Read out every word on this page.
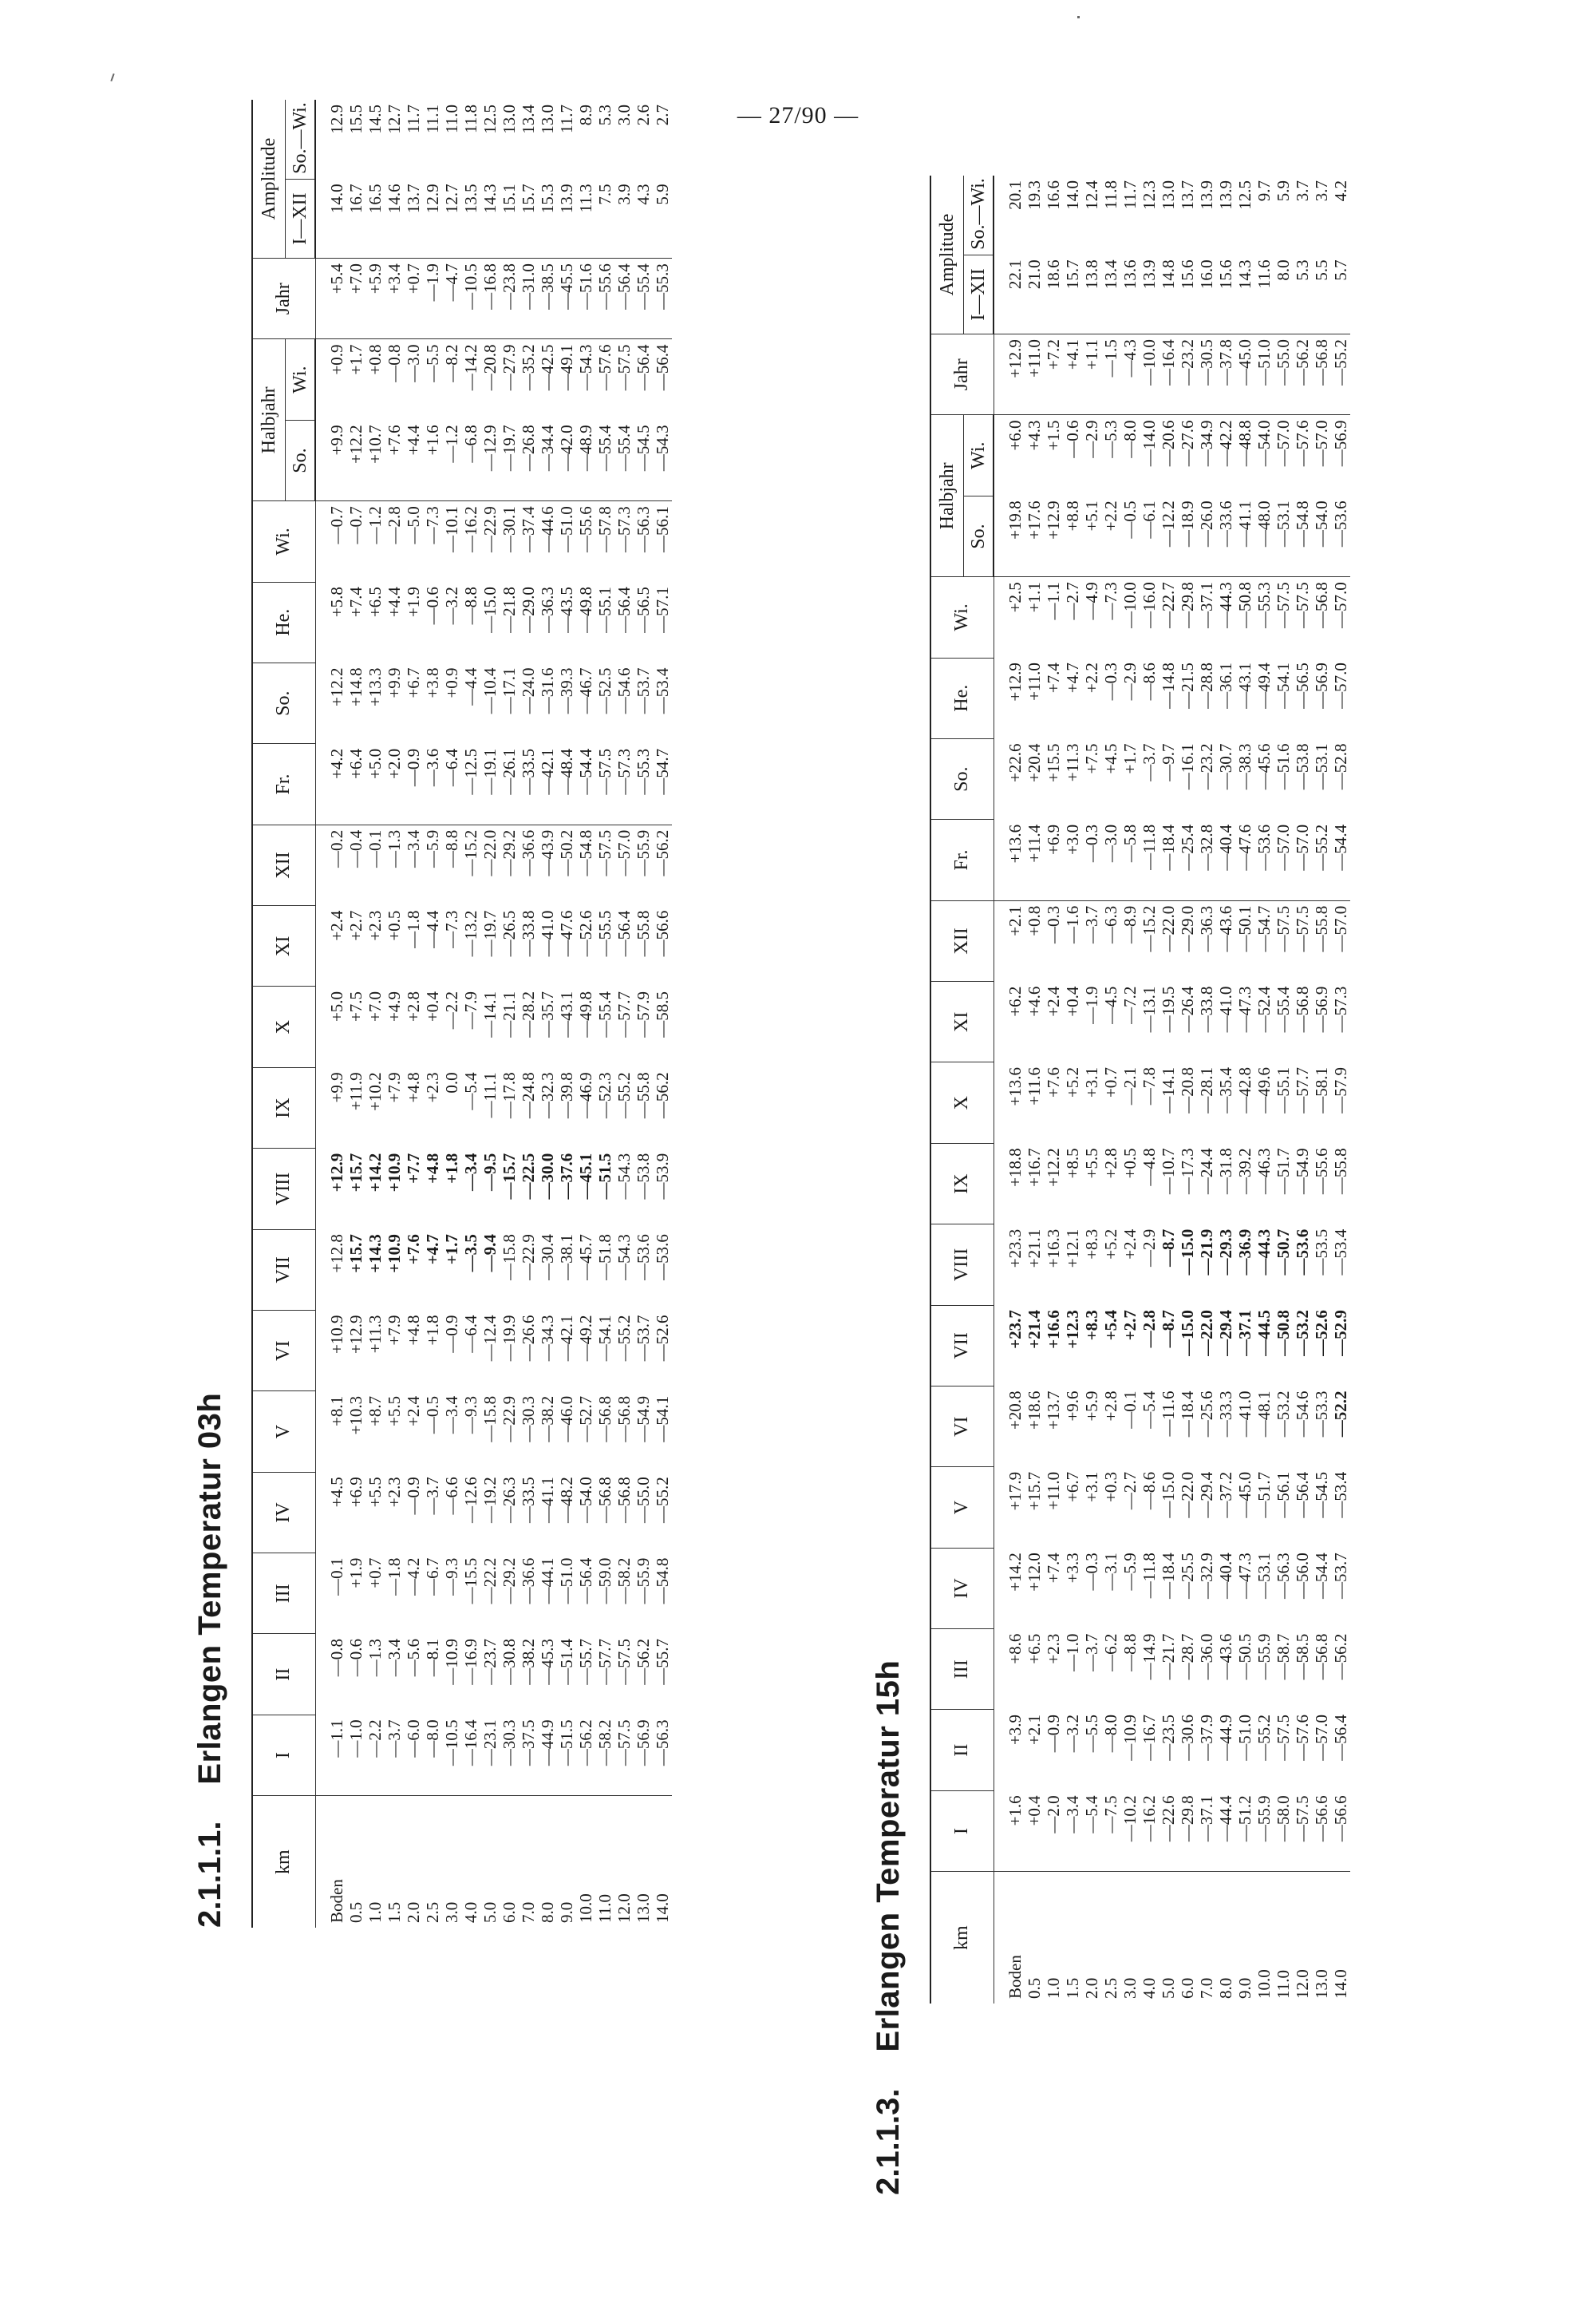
— 27/90 —
2.1.1.1.Erlangen Temperatur 03h
km	I	II	III	IV	V	VI	VII	VIII	IX	X	XI	XII	Fr.	So.	He.	Wi.	Halbjahr		Jahr	Amplitude	
																	So.	Wi.		I—XII	So.—Wi.
Boden	—1.1	—0.8	—0.1	+4.5	+8.1	+10.9	+12.8	+12.9	+9.9	+5.0	+2.4	—0.2	+4.2	+12.2	+5.8	—0.7	+9.9	+0.9	+5.4	14.0	12.9
0.5	—1.0	—0.6	+1.9	+6.9	+10.3	+12.9	+15.7	+15.7	+11.9	+7.5	+2.7	—0.4	+6.4	+14.8	+7.4	—0.7	+12.2	+1.7	+7.0	16.7	15.5
1.0	—2.2	—1.3	+0.7	+5.5	+8.7	+11.3	+14.3	+14.2	+10.2	+7.0	+2.3	—0.1	+5.0	+13.3	+6.5	—1.2	+10.7	+0.8	+5.9	16.5	14.5
1.5	—3.7	—3.4	—1.8	+2.3	+5.5	+7.9	+10.9	+10.9	+7.9	+4.9	+0.5	—1.3	+2.0	+9.9	+4.4	—2.8	+7.6	—0.8	+3.4	14.6	12.7
2.0	—6.0	—5.6	—4.2	—0.9	+2.4	+4.8	+7.6	+7.7	+4.8	+2.8	—1.8	—3.4	—0.9	+6.7	+1.9	—5.0	+4.4	—3.0	+0.7	13.7	11.7
2.5	—8.0	—8.1	—6.7	—3.7	—0.5	+1.8	+4.7	+4.8	+2.3	+0.4	—4.4	—5.9	—3.6	+3.8	—0.6	—7.3	+1.6	—5.5	—1.9	12.9	11.1
3.0	—10.5	—10.9	—9.3	—6.6	—3.4	—0.9	+1.7	+1.8	0.0	—2.2	—7.3	—8.8	—6.4	+0.9	—3.2	—10.1	—1.2	—8.2	—4.7	12.7	11.0
4.0	—16.4	—16.9	—15.5	—12.6	—9.3	—6.4	—3.5	—3.4	—5.4	—7.9	—13.2	—15.2	—12.5	—4.4	—8.8	—16.2	—6.8	—14.2	—10.5	13.5	11.8
5.0	—23.1	—23.7	—22.2	—19.2	—15.8	—12.4	—9.4	—9.5	—11.1	—14.1	—19.7	—22.0	—19.1	—10.4	—15.0	—22.9	—12.9	—20.8	—16.8	14.3	12.5
6.0	—30.3	—30.8	—29.2	—26.3	—22.9	—19.9	—15.8	—15.7	—17.8	—21.1	—26.5	—29.2	—26.1	—17.1	—21.8	—30.1	—19.7	—27.9	—23.8	15.1	13.0
7.0	—37.5	—38.2	—36.6	—33.5	—30.3	—26.6	—22.9	—22.5	—24.8	—28.2	—33.8	—36.6	—33.5	—24.0	—29.0	—37.4	—26.8	—35.2	—31.0	15.7	13.4
8.0	—44.9	—45.3	—44.1	—41.1	—38.2	—34.3	—30.4	—30.0	—32.3	—35.7	—41.0	—43.9	—42.1	—31.6	—36.3	—44.6	—34.4	—42.5	—38.5	15.3	13.0
9.0	—51.5	—51.4	—51.0	—48.2	—46.0	—42.1	—38.1	—37.6	—39.8	—43.1	—47.6	—50.2	—48.4	—39.3	—43.5	—51.0	—42.0	—49.1	—45.5	13.9	11.7
10.0	—56.2	—55.7	—56.4	—54.0	—52.7	—49.2	—45.7	—45.1	—46.9	—49.8	—52.6	—54.8	—54.4	—46.7	—49.8	—55.6	—48.9	—54.3	—51.6	11.3	8.9
11.0	—58.2	—57.7	—59.0	—56.8	—56.8	—54.1	—51.8	—51.5	—52.3	—55.4	—55.5	—57.5	—57.5	—52.5	—55.1	—57.8	—55.4	—57.6	—55.6	7.5	5.3
12.0	—57.5	—57.5	—58.2	—56.8	—56.8	—55.2	—54.3	—54.3	—55.2	—57.7	—56.4	—57.0	—57.3	—54.6	—56.4	—57.3	—55.4	—57.5	—56.4	3.9	3.0
13.0	—56.9	—56.2	—55.9	—55.0	—54.9	—53.7	—53.6	—53.8	—55.8	—57.9	—55.8	—55.9	—55.3	—53.7	—56.5	—56.3	—54.5	—56.4	—55.4	4.3	2.6
14.0	—56.3	—55.7	—54.8	—55.2	—54.1	—52.6	—53.6	—53.9	—56.2	—58.5	—56.6	—56.2	—54.7	—53.4	—57.1	—56.1	—54.3	—56.4	—55.3	5.9	2.7
2.1.1.3.Erlangen Temperatur 15h	km	I	II	III	IV	V	VI	VII	VIII	IX	X	XI	XII	Fr.	So.	He.	Wi.	Halbjahr		Jahr	Amplitude	
																	So.	Wi.		I—XII	So.—Wi.
Boden	+1.6	+3.9	+8.6	+14.2	+17.9	+20.8	+23.7	+23.3	+18.8	+13.6	+6.2	+2.1	+13.6	+22.6	+12.9	+2.5	+19.8	+6.0	+12.9	22.1	20.1
0.5	+0.4	+2.1	+6.5	+12.0	+15.7	+18.6	+21.4	+21.1	+16.7	+11.6	+4.6	+0.8	+11.4	+20.4	+11.0	+1.1	+17.6	+4.3	+11.0	21.0	19.3
1.0	—2.0	—0.9	+2.3	+7.4	+11.0	+13.7	+16.6	+16.3	+12.2	+7.6	+2.4	—0.3	+6.9	+15.5	+7.4	—1.1	+12.9	+1.5	+7.2	18.6	16.6
1.5	—3.4	—3.2	—1.0	+3.3	+6.7	+9.6	+12.3	+12.1	+8.5	+5.2	+0.4	—1.6	+3.0	+11.3	+4.7	—2.7	+8.8	—0.6	+4.1	15.7	14.0
2.0	—5.4	—5.5	—3.7	—0.3	+3.1	+5.9	+8.3	+8.3	+5.5	+3.1	—1.9	—3.7	—0.3	+7.5	+2.2	—4.9	+5.1	—2.9	+1.1	13.8	12.4
2.5	—7.5	—8.0	—6.2	—3.1	+0.3	+2.8	+5.4	+5.2	+2.8	+0.7	—4.5	—6.3	—3.0	+4.5	—0.3	—7.3	+2.2	—5.3	—1.5	13.4	11.8
3.0	—10.2	—10.9	—8.8	—5.9	—2.7	—0.1	+2.7	+2.4	+0.5	—2.1	—7.2	—8.9	—5.8	+1.7	—2.9	—10.0	—0.5	—8.0	—4.3	13.6	11.7
4.0	—16.2	—16.7	—14.9	—11.8	—8.6	—5.4	—2.8	—2.9	—4.8	—7.8	—13.1	—15.2	—11.8	—3.7	—8.6	—16.0	—6.1	—14.0	—10.0	13.9	12.3
5.0	—22.6	—23.5	—21.7	—18.4	—15.0	—11.6	—8.7	—8.7	—10.7	—14.1	—19.5	—22.0	—18.4	—9.7	—14.8	—22.7	—12.2	—20.6	—16.4	14.8	13.0
6.0	—29.8	—30.6	—28.7	—25.5	—22.0	—18.4	—15.0	—15.0	—17.3	—20.8	—26.4	—29.0	—25.4	—16.1	—21.5	—29.8	—18.9	—27.6	—23.2	15.6	13.7
7.0	—37.1	—37.9	—36.0	—32.9	—29.4	—25.6	—22.0	—21.9	—24.4	—28.1	—33.8	—36.3	—32.8	—23.2	—28.8	—37.1	—26.0	—34.9	—30.5	16.0	13.9
8.0	—44.4	—44.9	—43.6	—40.4	—37.2	—33.3	—29.4	—29.3	—31.8	—35.4	—41.0	—43.6	—40.4	—30.7	—36.1	—44.3	—33.6	—42.2	—37.8	15.6	13.9
9.0	—51.2	—51.0	—50.5	—47.3	—45.0	—41.0	—37.1	—36.9	—39.2	—42.8	—47.3	—50.1	—47.6	—38.3	—43.1	—50.8	—41.1	—48.8	—45.0	14.3	12.5
10.0	—55.9	—55.2	—55.9	—53.1	—51.7	—48.1	—44.5	—44.3	—46.3	—49.6	—52.4	—54.7	—53.6	—45.6	—49.4	—55.3	—48.0	—54.0	—51.0	11.6	9.7
11.0	—58.0	—57.5	—58.7	—56.3	—56.1	—53.2	—50.8	—50.7	—51.7	—55.1	—55.4	—57.5	—57.0	—51.6	—54.1	—57.5	—53.1	—57.0	—55.0	8.0	5.9
12.0	—57.5	—57.6	—58.5	—56.0	—56.4	—54.6	—53.2	—53.6	—54.9	—57.7	—56.8	—57.5	—57.0	—53.8	—56.5	—57.5	—54.8	—57.6	—56.2	5.3	3.7
13.0	—56.6	—57.0	—56.8	—54.4	—54.5	—53.3	—52.6	—53.5	—55.6	—58.1	—56.9	—55.8	—55.2	—53.1	—56.9	—56.8	—54.0	—57.0	—56.8	5.5	3.7
14.0	—56.6	—56.4	—56.2	—53.7	—53.4	—52.2	—52.9	—53.4	—55.8	—57.9	—57.3	—57.0	—54.4	—52.8	—57.0	—57.0	—53.6	—56.9	—55.2	5.7	4.2
